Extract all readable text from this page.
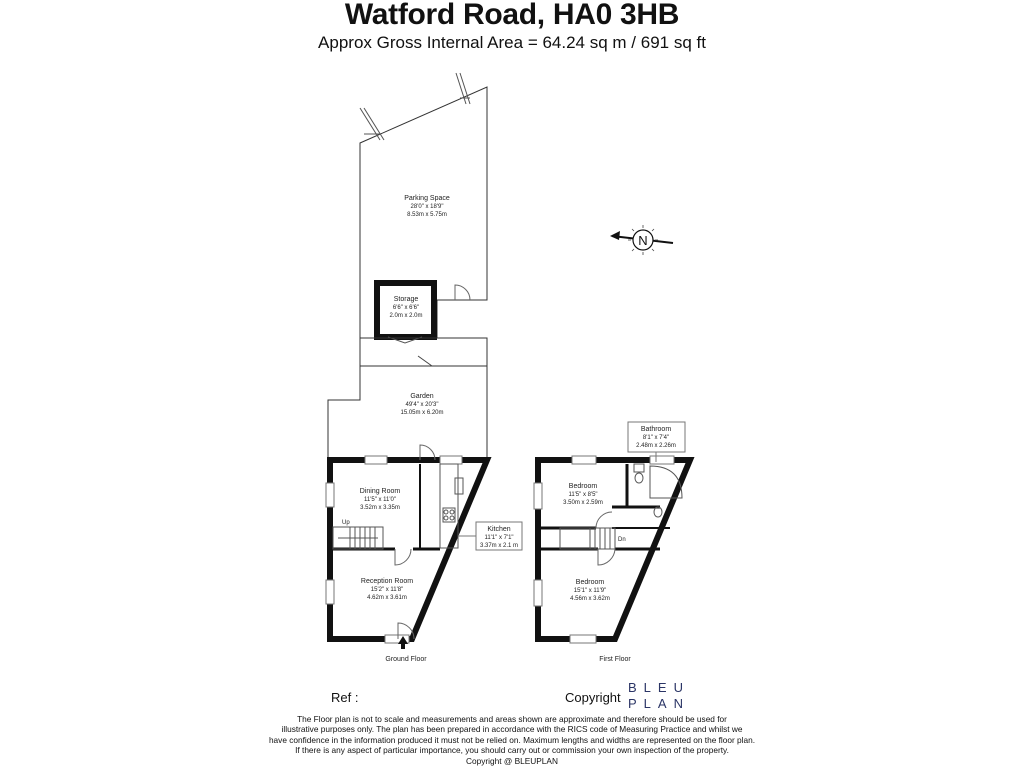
Watford Road, HA0 3HB
Approx Gross Internal Area = 64.24 sq m / 691 sq ft
N
Parking Space
28'0" x 18'9"
8.53m x 5.75m
Storage
6'6" x 6'6"
2.0m x 2.0m
Garden
49'4" x 20'3"
15.05m x 6.20m
Dining Room
11'5" x 11'0"
3.52m x 3.35m
Kitchen
11'1" x 7'1"
3.37m x 2.1 m
Reception Room
15'2" x 11'8"
4.62m x 3.61m
Bathroom
8'1" x 7'4"
2.48m x 2.26m
Bedroom
11'5" x 8'5"
3.50m x 2.59m
Bedroom
15'1" x 11'9"
4.56m x 3.62m
Up
Dn
Ground Floor	First Floor
Ref :	Copyright
BLEU
PLAN
The Floor plan is not to scale and measurements and areas shown are approximate and therefore should be used for
illustrative purposes only. The plan has been prepared in accordance with the RICS code of Measuring Practice and whilst we
have confidence in the information produced it must not be relied on. Maximum lengths and widths are represented on the floor plan.
If there is any aspect of particular importance, you should carry out or commission your own inspection of the property.
Copyright @ BLEUPLAN
